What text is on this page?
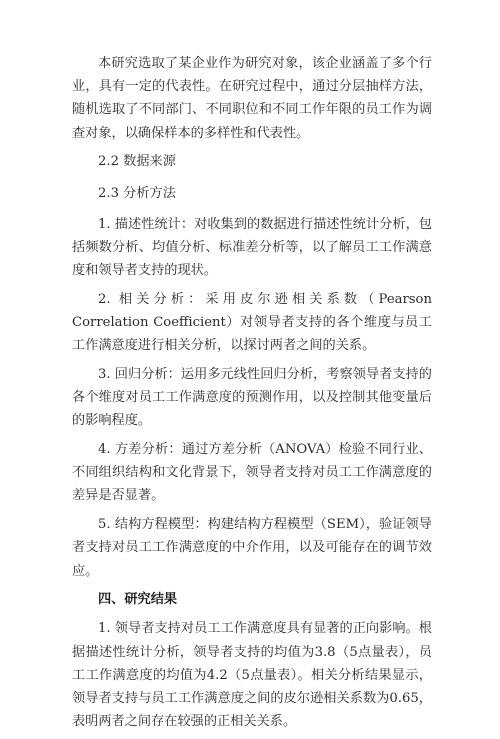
本研究选取了某企业作为研究对象，该企业涵盖了多个行业，具有一定的代表性。在研究过程中，通过分层抽样方法，随机选取了不同部门、不同职位和不同工作年限的员工作为调查对象，以确保样本的多样性和代表性。

2.2 数据来源

2.3 分析方法

1. 描述性统计：对收集到的数据进行描述性统计分析，包括频数分析、均值分析、标准差分析等，以了解员工工作满意度和领导者支持的现状。

2. 相关分析：采用皮尔逊相关系数（Pearson Correlation Coefficient）对领导者支持的各个维度与员工工作满意度进行相关分析，以探讨两者之间的关系。

3. 回归分析：运用多元线性回归分析，考察领导者支持的各个维度对员工工作满意度的预测作用，以及控制其他变量后的影响程度。

4. 方差分析：通过方差分析（ANOVA）检验不同行业、不同组织结构和文化背景下，领导者支持对员工工作满意度的差异是否显著。

5. 结构方程模型：构建结构方程模型（SEM），验证领导者支持对员工工作满意度的中介作用，以及可能存在的调节效应。

四、研究结果

1. 领导者支持对员工工作满意度具有显著的正向影响。根据描述性统计分析，领导者支持的均值为3.8（5点量表），员工工作满意度的均值为4.2（5点量表）。相关分析结果显示，领导者支持与员工工作满意度之间的皮尔逊相关系数为0.65，表明两者之间存在较强的正相关关系。
